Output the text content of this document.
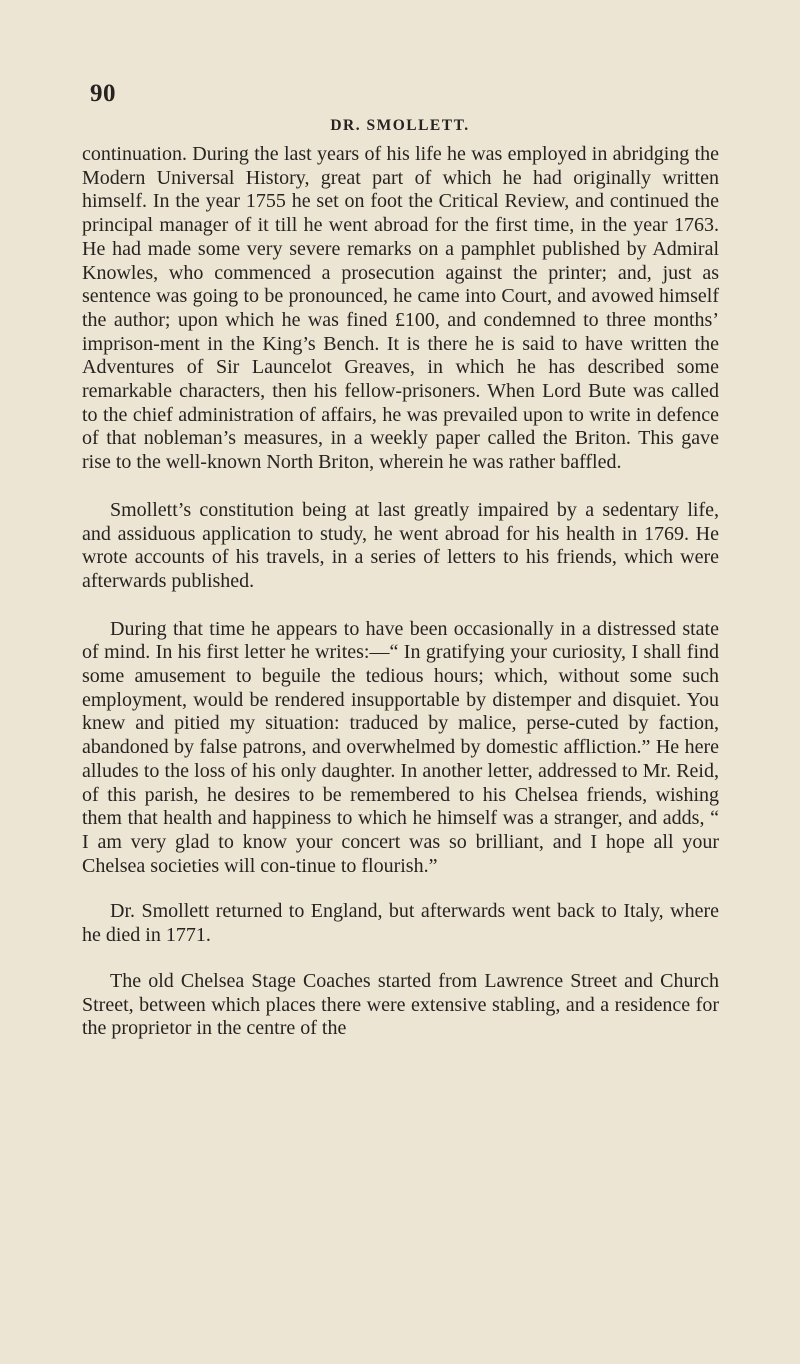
90
DR. SMOLLETT.

continuation. During the last years of his life he was employed in abridging the Modern Universal History, great part of which he had originally written himself. In the year 1755 he set on foot the Critical Review, and continued the principal manager of it till he went abroad for the first time, in the year 1763. He had made some very severe remarks on a pamphlet published by Admiral Knowles, who commenced a prosecution against the printer; and, just as sentence was going to be pronounced, he came into Court, and avowed himself the author; upon which he was fined £100, and condemned to three months’ imprison-ment in the King’s Bench. It is there he is said to have written the Adventures of Sir Launcelot Greaves, in which he has described some remarkable characters, then his fellow-prisoners. When Lord Bute was called to the chief administration of affairs, he was prevailed upon to write in defence of that nobleman’s measures, in a weekly paper called the Briton. This gave rise to the well-known North Briton, wherein he was rather baffled.

Smollett’s constitution being at last greatly impaired by a sedentary life, and assiduous application to study, he went abroad for his health in 1769. He wrote accounts of his travels, in a series of letters to his friends, which were afterwards published.

During that time he appears to have been occasionally in a distressed state of mind. In his first letter he writes:—“ In gratifying your curiosity, I shall find some amusement to beguile the tedious hours; which, without some such employment, would be rendered insupportable by distemper and disquiet. You knew and pitied my situation: traduced by malice, perse-cuted by faction, abandoned by false patrons, and overwhelmed by domestic affliction.” He here alludes to the loss of his only daughter. In another letter, addressed to Mr. Reid, of this parish, he desires to be remembered to his Chelsea friends, wishing them that health and happiness to which he himself was a stranger, and adds, “ I am very glad to know your concert was so brilliant, and I hope all your Chelsea societies will con-tinue to flourish.”

Dr. Smollett returned to England, but afterwards went back to Italy, where he died in 1771.

The old Chelsea Stage Coaches started from Lawrence Street and Church Street, between which places there were extensive stabling, and a residence for the proprietor in the centre of the
